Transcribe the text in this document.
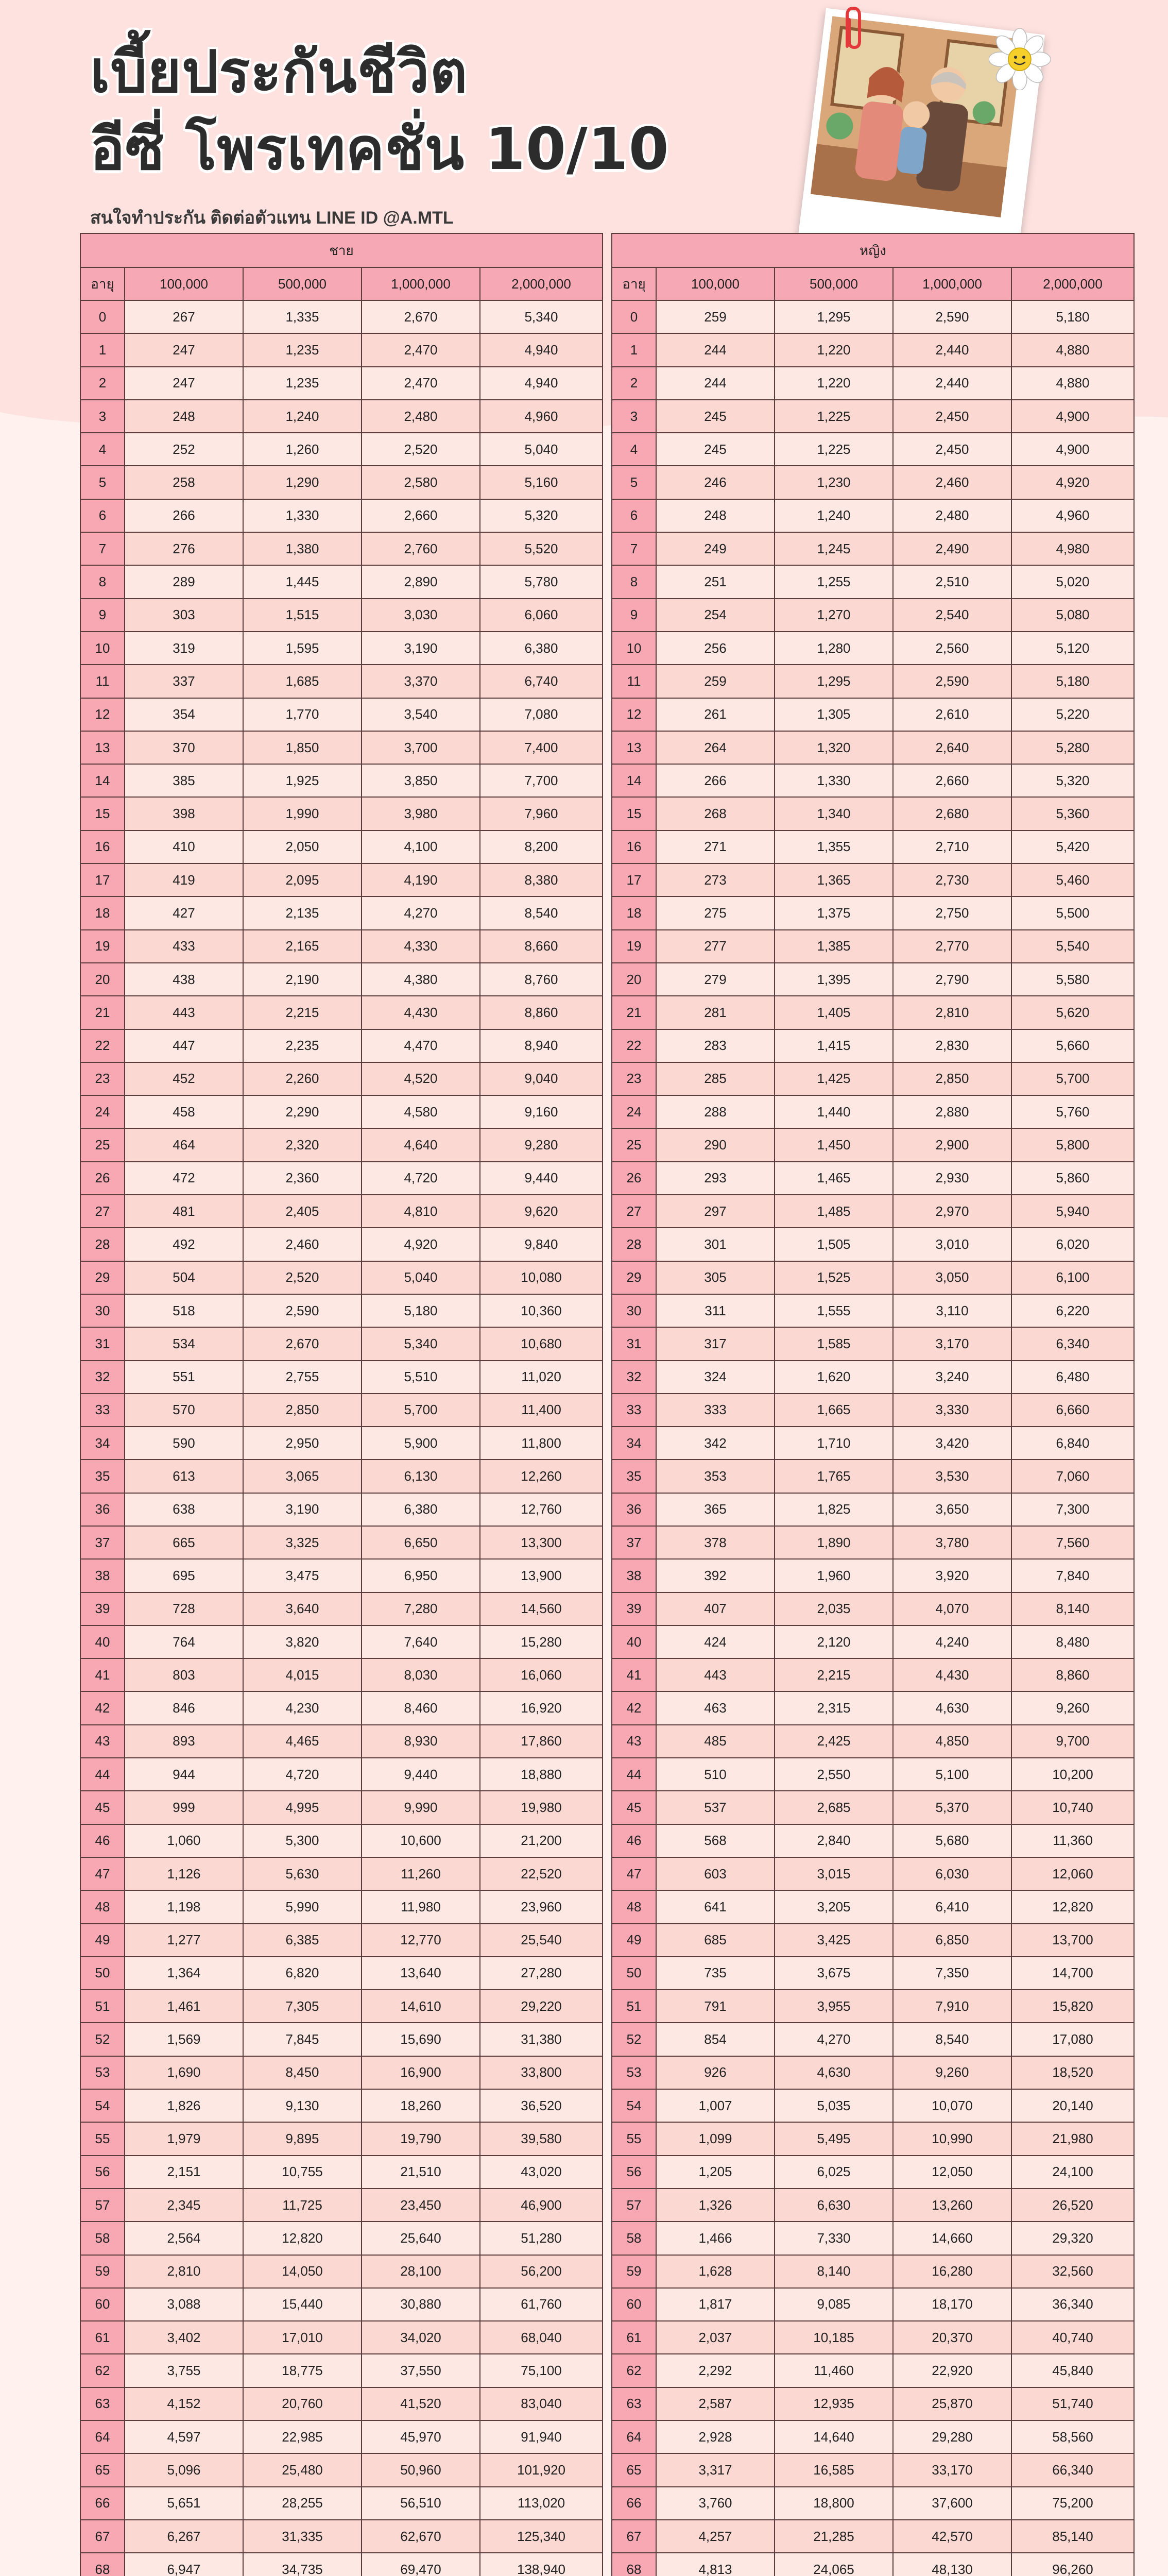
เบี้ยประกันชีวิต
อีซี่ โพรเทคชั่น 10/10
สนใจทำประกัน ติดต่อตัวแทน LINE ID @A.MTL
ชาย				
อายุ	100,000	500,000	1,000,000	2,000,000
0	267	1,335	2,670	5,340
1	247	1,235	2,470	4,940
2	247	1,235	2,470	4,940
3	248	1,240	2,480	4,960
4	252	1,260	2,520	5,040
5	258	1,290	2,580	5,160
6	266	1,330	2,660	5,320
7	276	1,380	2,760	5,520
8	289	1,445	2,890	5,780
9	303	1,515	3,030	6,060
10	319	1,595	3,190	6,380
11	337	1,685	3,370	6,740
12	354	1,770	3,540	7,080
13	370	1,850	3,700	7,400
14	385	1,925	3,850	7,700
15	398	1,990	3,980	7,960
16	410	2,050	4,100	8,200
17	419	2,095	4,190	8,380
18	427	2,135	4,270	8,540
19	433	2,165	4,330	8,660
20	438	2,190	4,380	8,760
21	443	2,215	4,430	8,860
22	447	2,235	4,470	8,940
23	452	2,260	4,520	9,040
24	458	2,290	4,580	9,160
25	464	2,320	4,640	9,280
26	472	2,360	4,720	9,440
27	481	2,405	4,810	9,620
28	492	2,460	4,920	9,840
29	504	2,520	5,040	10,080
30	518	2,590	5,180	10,360
31	534	2,670	5,340	10,680
32	551	2,755	5,510	11,020
33	570	2,850	5,700	11,400
34	590	2,950	5,900	11,800
35	613	3,065	6,130	12,260
36	638	3,190	6,380	12,760
37	665	3,325	6,650	13,300
38	695	3,475	6,950	13,900
39	728	3,640	7,280	14,560
40	764	3,820	7,640	15,280
41	803	4,015	8,030	16,060
42	846	4,230	8,460	16,920
43	893	4,465	8,930	17,860
44	944	4,720	9,440	18,880
45	999	4,995	9,990	19,980
46	1,060	5,300	10,600	21,200
47	1,126	5,630	11,260	22,520
48	1,198	5,990	11,980	23,960
49	1,277	6,385	12,770	25,540
50	1,364	6,820	13,640	27,280
51	1,461	7,305	14,610	29,220
52	1,569	7,845	15,690	31,380
53	1,690	8,450	16,900	33,800
54	1,826	9,130	18,260	36,520
55	1,979	9,895	19,790	39,580
56	2,151	10,755	21,510	43,020
57	2,345	11,725	23,450	46,900
58	2,564	12,820	25,640	51,280
59	2,810	14,050	28,100	56,200
60	3,088	15,440	30,880	61,760
61	3,402	17,010	34,020	68,040
62	3,755	18,775	37,550	75,100
63	4,152	20,760	41,520	83,040
64	4,597	22,985	45,970	91,940
65	5,096	25,480	50,960	101,920
66	5,651	28,255	56,510	113,020
67	6,267	31,335	62,670	125,340
68	6,947	34,735	69,470	138,940

หญิง				
อายุ	100,000	500,000	1,000,000	2,000,000
0	259	1,295	2,590	5,180
1	244	1,220	2,440	4,880
2	244	1,220	2,440	4,880
3	245	1,225	2,450	4,900
4	245	1,225	2,450	4,900
5	246	1,230	2,460	4,920
6	248	1,240	2,480	4,960
7	249	1,245	2,490	4,980
8	251	1,255	2,510	5,020
9	254	1,270	2,540	5,080
10	256	1,280	2,560	5,120
11	259	1,295	2,590	5,180
12	261	1,305	2,610	5,220
13	264	1,320	2,640	5,280
14	266	1,330	2,660	5,320
15	268	1,340	2,680	5,360
16	271	1,355	2,710	5,420
17	273	1,365	2,730	5,460
18	275	1,375	2,750	5,500
19	277	1,385	2,770	5,540
20	279	1,395	2,790	5,580
21	281	1,405	2,810	5,620
22	283	1,415	2,830	5,660
23	285	1,425	2,850	5,700
24	288	1,440	2,880	5,760
25	290	1,450	2,900	5,800
26	293	1,465	2,930	5,860
27	297	1,485	2,970	5,940
28	301	1,505	3,010	6,020
29	305	1,525	3,050	6,100
30	311	1,555	3,110	6,220
31	317	1,585	3,170	6,340
32	324	1,620	3,240	6,480
33	333	1,665	3,330	6,660
34	342	1,710	3,420	6,840
35	353	1,765	3,530	7,060
36	365	1,825	3,650	7,300
37	378	1,890	3,780	7,560
38	392	1,960	3,920	7,840
39	407	2,035	4,070	8,140
40	424	2,120	4,240	8,480
41	443	2,215	4,430	8,860
42	463	2,315	4,630	9,260
43	485	2,425	4,850	9,700
44	510	2,550	5,100	10,200
45	537	2,685	5,370	10,740
46	568	2,840	5,680	11,360
47	603	3,015	6,030	12,060
48	641	3,205	6,410	12,820
49	685	3,425	6,850	13,700
50	735	3,675	7,350	14,700
51	791	3,955	7,910	15,820
52	854	4,270	8,540	17,080
53	926	4,630	9,260	18,520
54	1,007	5,035	10,070	20,140
55	1,099	5,495	10,990	21,980
56	1,205	6,025	12,050	24,100
57	1,326	6,630	13,260	26,520
58	1,466	7,330	14,660	29,320
59	1,628	8,140	16,280	32,560
60	1,817	9,085	18,170	36,340
61	2,037	10,185	20,370	40,740
62	2,292	11,460	22,920	45,840
63	2,587	12,935	25,870	51,740
64	2,928	14,640	29,280	58,560
65	3,317	16,585	33,170	66,340
66	3,760	18,800	37,600	75,200
67	4,257	21,285	42,570	85,140
68	4,813	24,065	48,130	96,260
